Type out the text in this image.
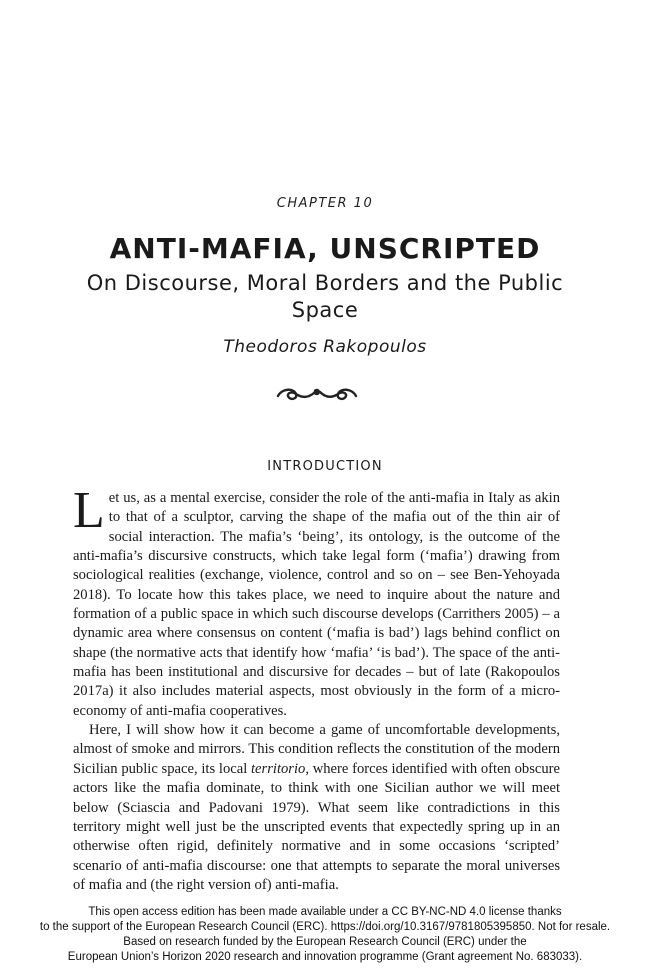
CHAPTER 10
ANTI-MAFIA, UNSCRIPTED
On Discourse, Moral Borders and the Public Space
Theodoros Rakopoulos
INTRODUCTION

Let us, as a mental exercise, consider the role of the anti-mafia in Italy as akin to that of a sculptor, carving the shape of the mafia out of the thin air of social interaction. The mafia’s ‘being’, its ontology, is the outcome of the anti-mafia’s discursive constructs, which take legal form (‘mafia’) drawing from sociological realities (exchange, violence, control and so on – see Ben-Yehoyada 2018). To locate how this takes place, we need to inquire about the nature and formation of a public space in which such discourse develops (Carrithers 2005) – a dynamic area where consensus on content (‘mafia is bad’) lags behind conflict on shape (the normative acts that identify how ‘mafia’ ‘is bad’). The space of the anti-mafia has been institutional and discursive for decades – but of late (Rakopoulos 2017a) it also includes material aspects, most obviously in the form of a micro-economy of anti-mafia cooperatives.

Here, I will show how it can become a game of uncomfortable developments, almost of smoke and mirrors. This condition reflects the constitution of the modern Sicilian public space, its local territorio, where forces identified with often obscure actors like the mafia dominate, to think with one Sicilian author we will meet below (Sciascia and Padovani 1979). What seem like contradictions in this territory might well just be the unscripted events that expectedly spring up in an otherwise often rigid, definitely normative and in some occasions ‘scripted’ scenario of anti-mafia discourse: one that attempts to separate the moral universes of mafia and (the right version of) anti-mafia.

This open access edition has been made available under a CC BY-NC-ND 4.0 license thanks
to the support of the European Research Council (ERC). https://doi.org/10.3167/9781805395850. Not for resale.
Based on research funded by the European Research Council (ERC) under the
European Union’s Horizon 2020 research and innovation programme (Grant agreement No. 683033).
